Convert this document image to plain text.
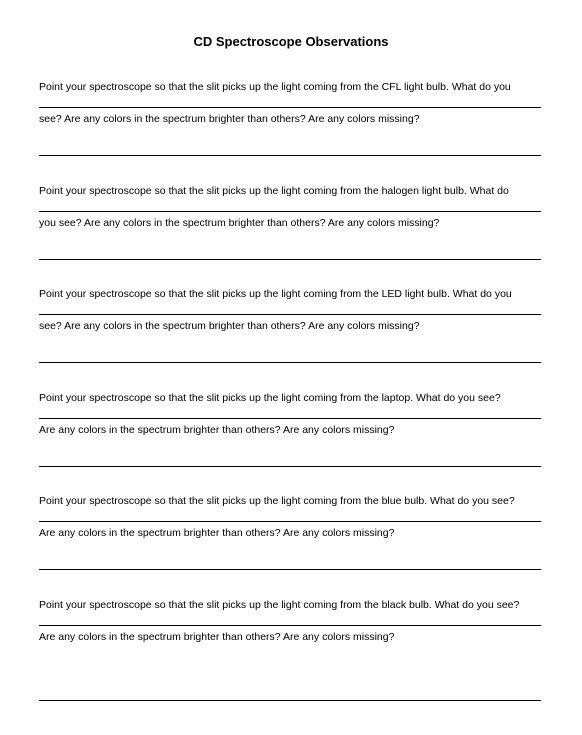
CD Spectroscope Observations

Point your spectroscope so that the slit picks up the light coming from the CFL light bulb. What do you

see? Are any colors in the spectrum brighter than others? Are any colors missing?

Point your spectroscope so that the slit picks up the light coming from the halogen light bulb. What do

you see? Are any colors in the spectrum brighter than others? Are any colors missing?

Point your spectroscope so that the slit picks up the light coming from the LED light bulb. What do you

see? Are any colors in the spectrum brighter than others? Are any colors missing?

Point your spectroscope so that the slit picks up the light coming from the laptop. What do you see?

Are any colors in the spectrum brighter than others? Are any colors missing?

Point your spectroscope so that the slit picks up the light coming from the blue bulb. What do you see?

Are any colors in the spectrum brighter than others? Are any colors missing?

Point your spectroscope so that the slit picks up the light coming from the black bulb. What do you see?

Are any colors in the spectrum brighter than others? Are any colors missing?
